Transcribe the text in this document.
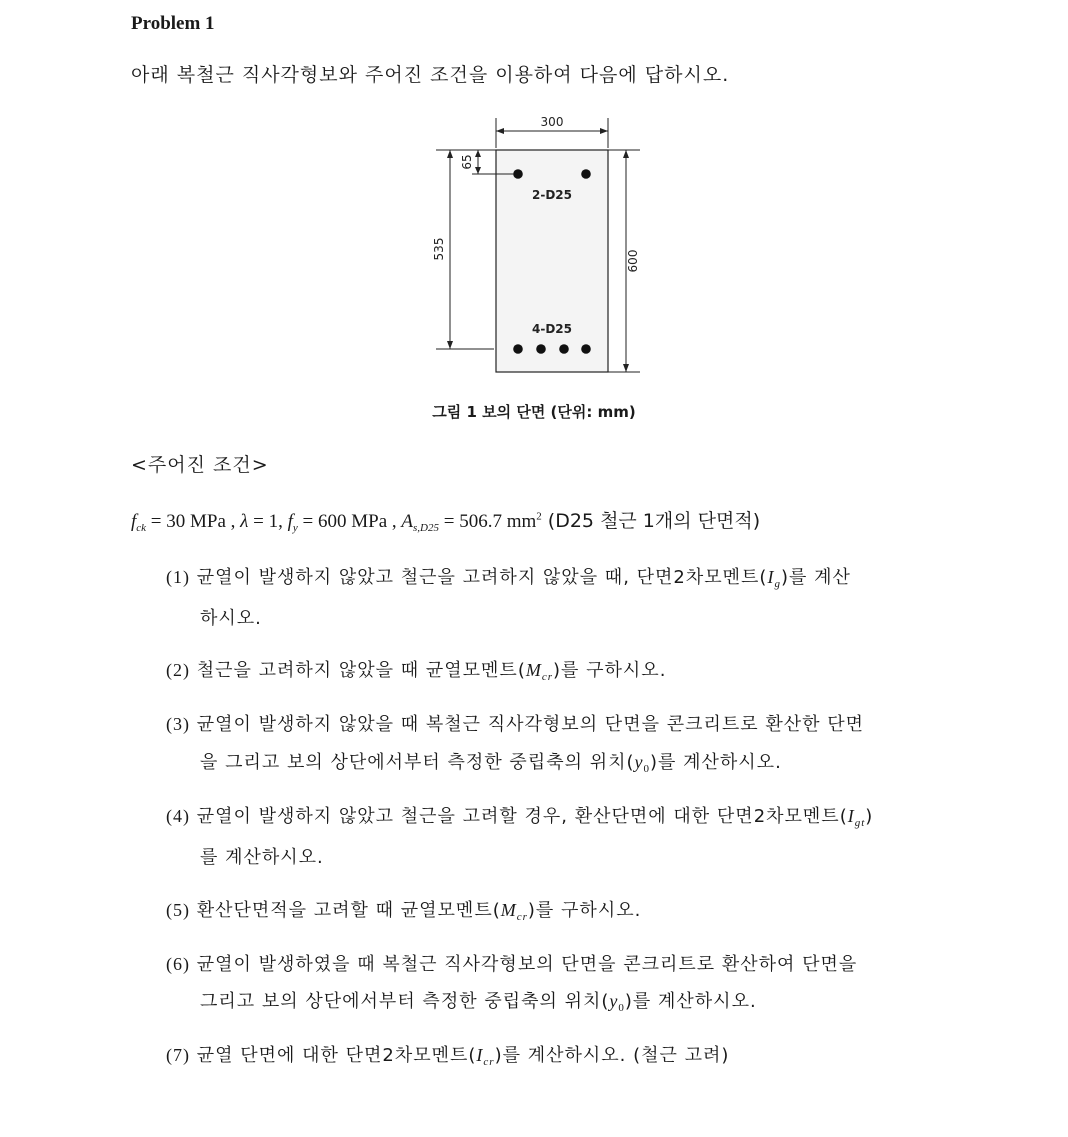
Problem 1
아래 복철근 직사각형보와 주어진 조건을 이용하여 다음에 답하시오.
300
2-D25
4-D25
65
535
600
그림 1 보의 단면 (단위: mm)
<주어진 조건>
$f_{ck} = 30$ MPa , λ = 1, $f_y = 600$ MPa , $A_{s,D25} = 506.7$ $mm^2$ (D25 철근 1개의 단면적)
(1) 균열이 발생하지 않았고 철근을 고려하지 않았을 때, 단면2차모멘트$(I_g)$를 계산
하시오.
(2) 철근을 고려하지 않았을 때 균열모멘트$(M_{cr})$를 구하시오.
(3) 균열이 발생하지 않았을 때 복철근 직사각형보의 단면을 콘크리트로 환산한 단면
을 그리고 보의 상단에서부터 측정한 중립축의 위치$(y_0)$를 계산하시오.
(4) 균열이 발생하지 않았고 철근을 고려할 경우, 환산단면에 대한 단면2차모멘트$(I_{gt})$
를 계산하시오.
(5) 환산단면적을 고려할 때 균열모멘트$(M_{cr})$를 구하시오.
(6) 균열이 발생하였을 때 복철근 직사각형보의 단면을 콘크리트로 환산하여 단면을
그리고 보의 상단에서부터 측정한 중립축의 위치$(y_0)$를 계산하시오.
(7) 균열 단면에 대한 단면2차모멘트$(I_{cr})$를 계산하시오. (철근 고려)
